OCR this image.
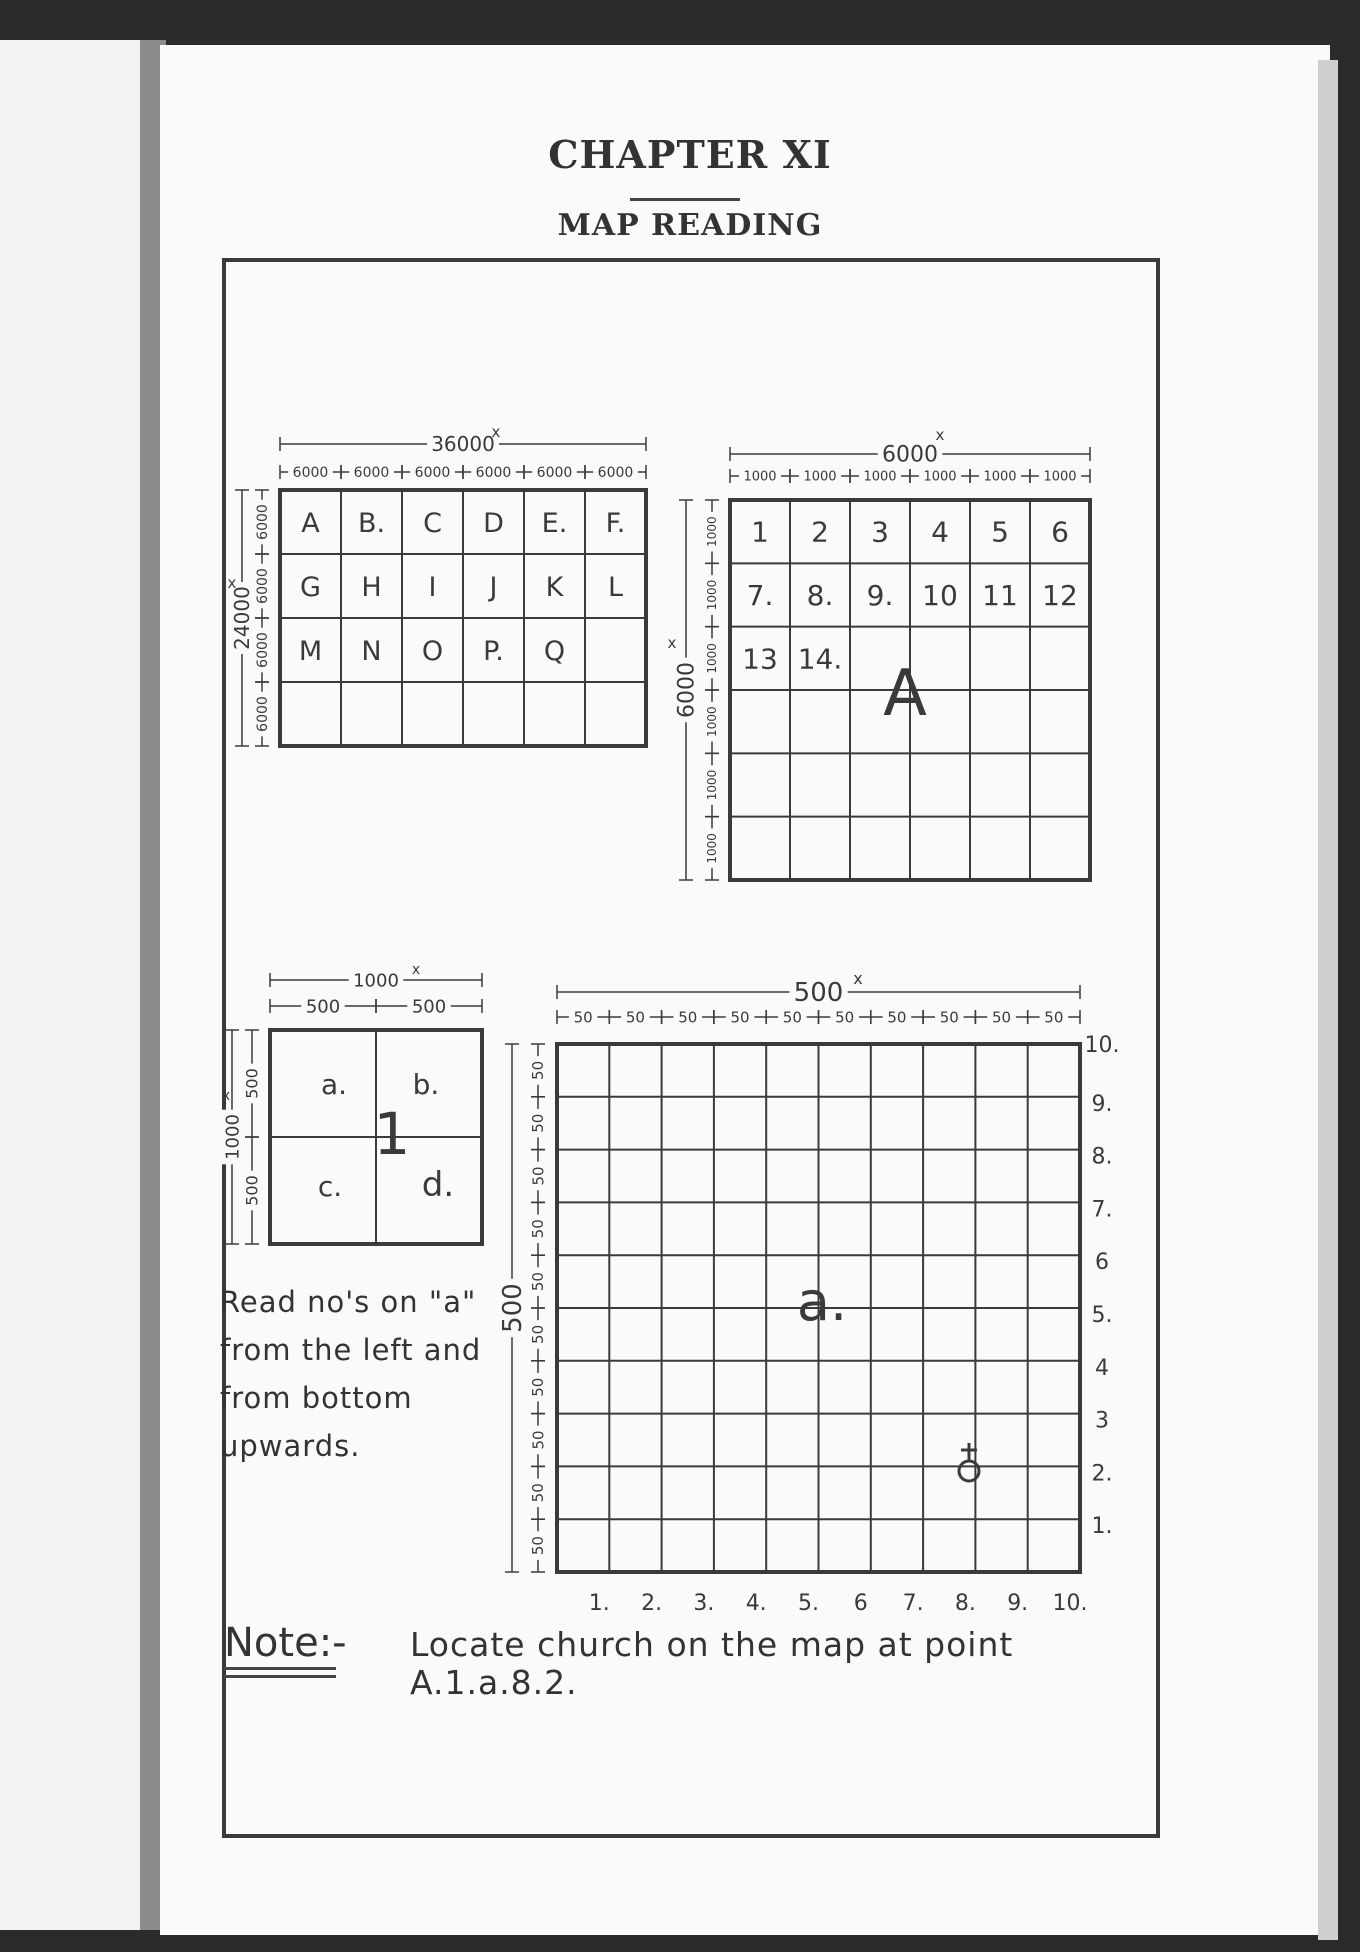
CHAPTER XI
MAP READING
A B. C D E. F.
G H I J K L
M N O P. Q
36000
x
6000 6000 6000 6000 6000 6000
24000
x
6000
6000
6000
6000
1 2 3 4 5 6
7. 8. 9. 10 11 12
13 14. A
6000
x
1000 1000 1000 1000 1000 1000
6000
x
1000
1000
1000
1000
1000
1000
a. b.
c. d.
1
1000
x
500	500
1000
x 500
500
a.
500 x
50 50 50 50 50 50 50 50 50 50
500
50
50
50
50
50
50
50
50
50
50
10.
9.
8.
7.
6
5.
4
3
2.
1.
1. 2. 3. 4. 5. 6 7. 8. 9. 10.
Read no's on "a" from the left and from bottom upwards.
Note:- Locate church on the map at point A.1.a.8.2.
